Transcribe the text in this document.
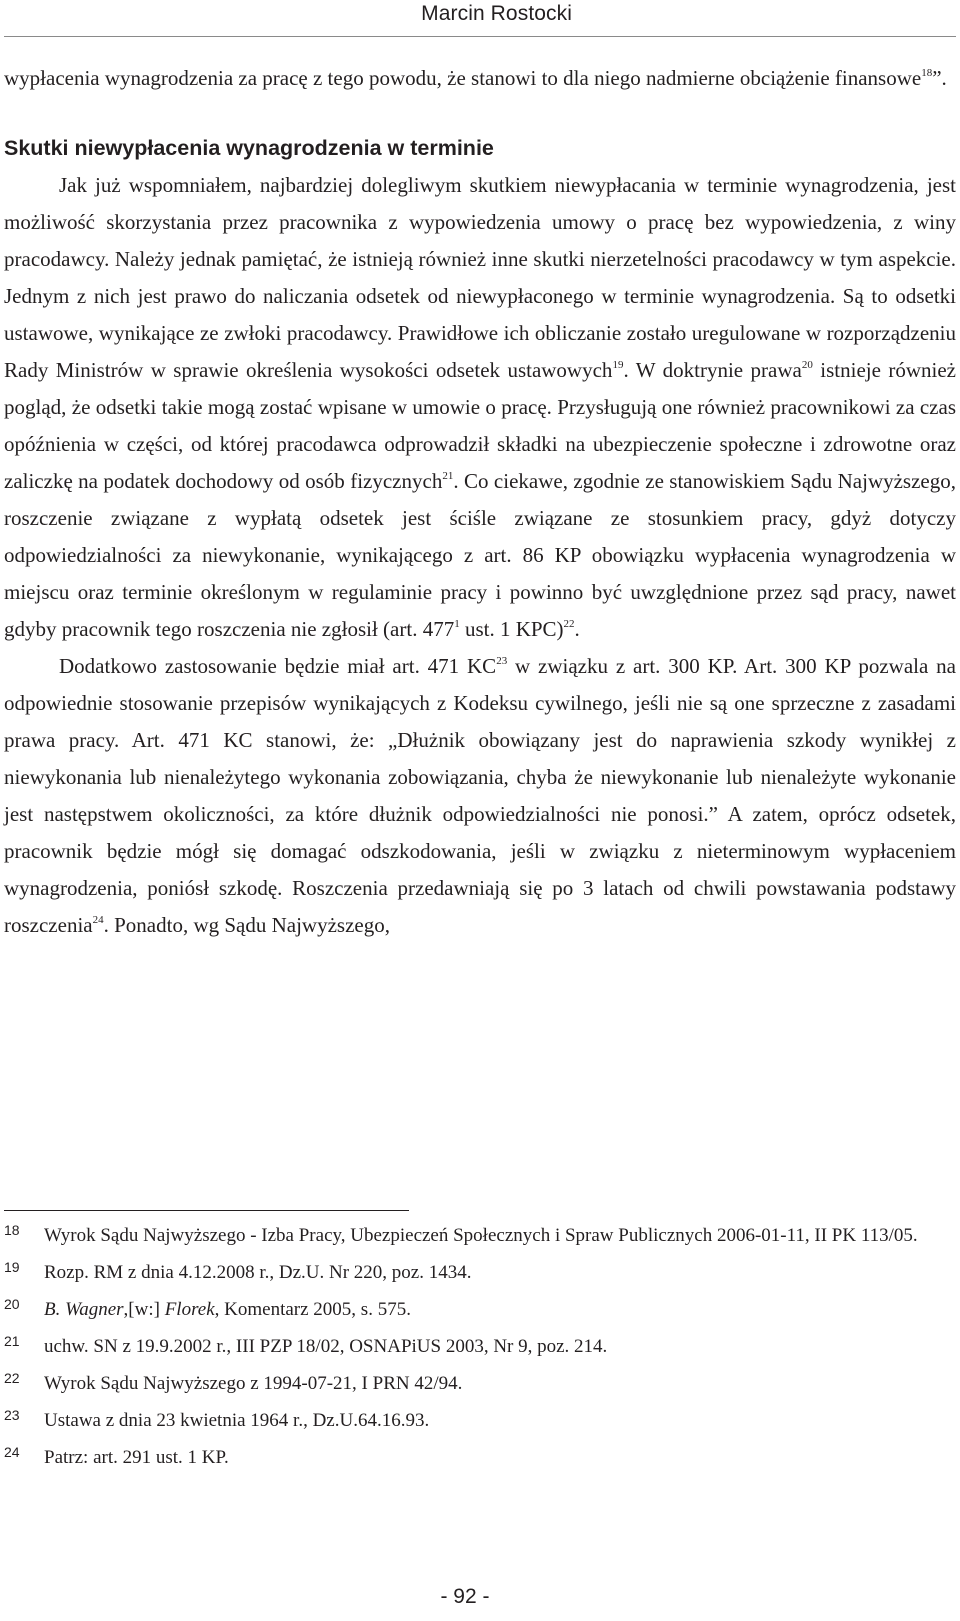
Marcin Rostocki

wypłacenia wynagrodzenia za pracę z tego powodu, że stanowi to dla niego nadmierne obciążenie finansowe$^{18}$”.

Skutki niewypłacenia wynagrodzenia w terminie

Jak już wspomniałem, najbardziej dolegliwym skutkiem niewypłacania w terminie wynagrodzenia, jest możliwość skorzystania przez pracownika z wypowiedzenia umowy o pracę bez wypowiedzenia, z winy pracodawcy. Należy jednak pamiętać, że istnieją również inne skutki nierzetelności pracodawcy w tym aspekcie. Jednym z nich jest prawo do naliczania odsetek od niewypłaconego w terminie wynagrodzenia. Są to odsetki ustawowe, wynikające ze zwłoki pracodawcy. Prawidłowe ich obliczanie zostało uregulowane w rozporządzeniu Rady Ministrów w sprawie określenia wysokości odsetek ustawowych$^{19}$. W doktrynie prawa$^{20}$ istnieje również pogląd, że odsetki takie mogą zostać wpisane w umowie o pracę. Przysługują one również pracownikowi za czas opóźnienia w części, od której pracodawca odprowadził składki na ubezpieczenie społeczne i zdrowotne oraz zaliczkę na podatek dochodowy od osób fizycznych$^{21}$. Co ciekawe, zgodnie ze stanowiskiem Sądu Najwyższego, roszczenie związane z wypłatą odsetek jest ściśle związane ze stosunkiem pracy, gdyż dotyczy odpowiedzialności za niewykonanie, wynikającego z art. 86 KP obowiązku wypłacenia wynagrodzenia w miejscu oraz terminie określonym w regulaminie pracy i powinno być uwzględnione przez sąd pracy, nawet gdyby pracownik tego roszczenia nie zgłosił (art. $477^1$ ust. 1 KPC)$^{22}$.

Dodatkowo zastosowanie będzie miał art. 471 KC$^{23}$ w związku z art. 300 KP. Art. 300 KP pozwala na odpowiednie stosowanie przepisów wynikających z Kodeksu cywilnego, jeśli nie są one sprzeczne z zasadami prawa pracy. Art. 471 KC stanowi, że: „Dłużnik obowiązany jest do naprawienia szkody wynikłej z niewykonania lub nienależytego wykonania zobowiązania, chyba że niewykonanie lub nienależyte wykonanie jest następstwem okoliczności, za które dłużnik odpowiedzialności nie ponosi.” A zatem, oprócz odsetek, pracownik będzie mógł się domagać odszkodowania, jeśli w związku z nieterminowym wypłaceniem wynagrodzenia, poniósł szkodę. Roszczenia przedawniają się po 3 latach od chwili powstawania podstawy roszczenia$^{24}$. Ponadto, wg Sądu Najwyższego,

18 Wyrok Sądu Najwyższego - Izba Pracy, Ubezpieczeń Społecznych i Spraw Publicznych 2006-01-11, II PK 113/05.
19 Rozp. RM z dnia 4.12.2008 r., Dz.U. Nr 220, poz. 1434.
20 B. Wagner,[w:] Florek, Komentarz 2005, s. 575.
21 uchw. SN z 19.9.2002 r., III PZP 18/02, OSNAPiUS 2003, Nr 9, poz. 214.
22 Wyrok Sądu Najwyższego z 1994-07-21, I PRN 42/94.
23 Ustawa z dnia 23 kwietnia 1964 r., Dz.U.64.16.93.
24 Patrz: art. 291 ust. 1 KP.
- 92 -
